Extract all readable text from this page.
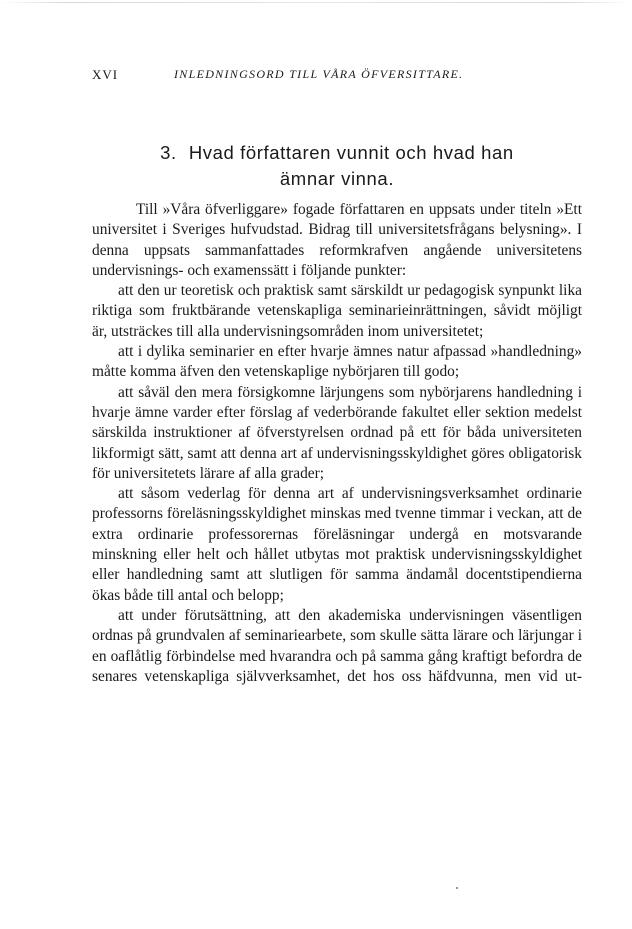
XVI	INLEDNINGSORD TILL VÅRA ÖFVERSITTARE.
3. Hvad författaren vunnit och hvad han
ämnar vinna.

Till »Våra öfverliggare» fogade författaren en uppsats under titeln »Ett universitet i Sveriges hufvudstad. Bidrag till universitetsfrågans belysning». I denna uppsats sammanfattades reformkrafven angående universitetens undervisnings- och examenssätt i följande punkter:

att den ur teoretisk och praktisk samt särskildt ur pedagogisk synpunkt lika riktiga som fruktbärande vetenskapliga seminarieinrättningen, såvidt möjligt är, utsträckes till alla undervisningsområden inom universitetet;

att i dylika seminarier en efter hvarje ämnes natur afpassad »handledning» måtte komma äfven den vetenskaplige nybörjaren till godo;

att såväl den mera försigkomne lärjungens som nybörjarens handledning i hvarje ämne varder efter förslag af vederbörande fakultet eller sektion medelst särskilda instruktioner af öfverstyrelsen ordnad på ett för båda universiteten likformigt sätt, samt att denna art af undervisningsskyldighet göres obligatorisk för universitetets lärare af alla grader;

att såsom vederlag för denna art af undervisningsverksamhet ordinarie professorns föreläsningsskyldighet minskas med tvenne timmar i veckan, att de extra ordinarie professorernas föreläsningar undergå en motsvarande minskning eller helt och hållet utbytas mot praktisk undervisningsskyldighet eller handledning samt att slutligen för samma ändamål docentstipendierna ökas både till antal och belopp;

att under förutsättning, att den akademiska undervisningen väsentligen ordnas på grundvalen af seminariearbete, som skulle sätta lärare och lärjungar i en oaflåtlig förbindelse med hvarandra och på samma gång kraftigt befordra de senares vetenskapliga självverksamhet, det hos oss häfdvunna, men vid ut-
